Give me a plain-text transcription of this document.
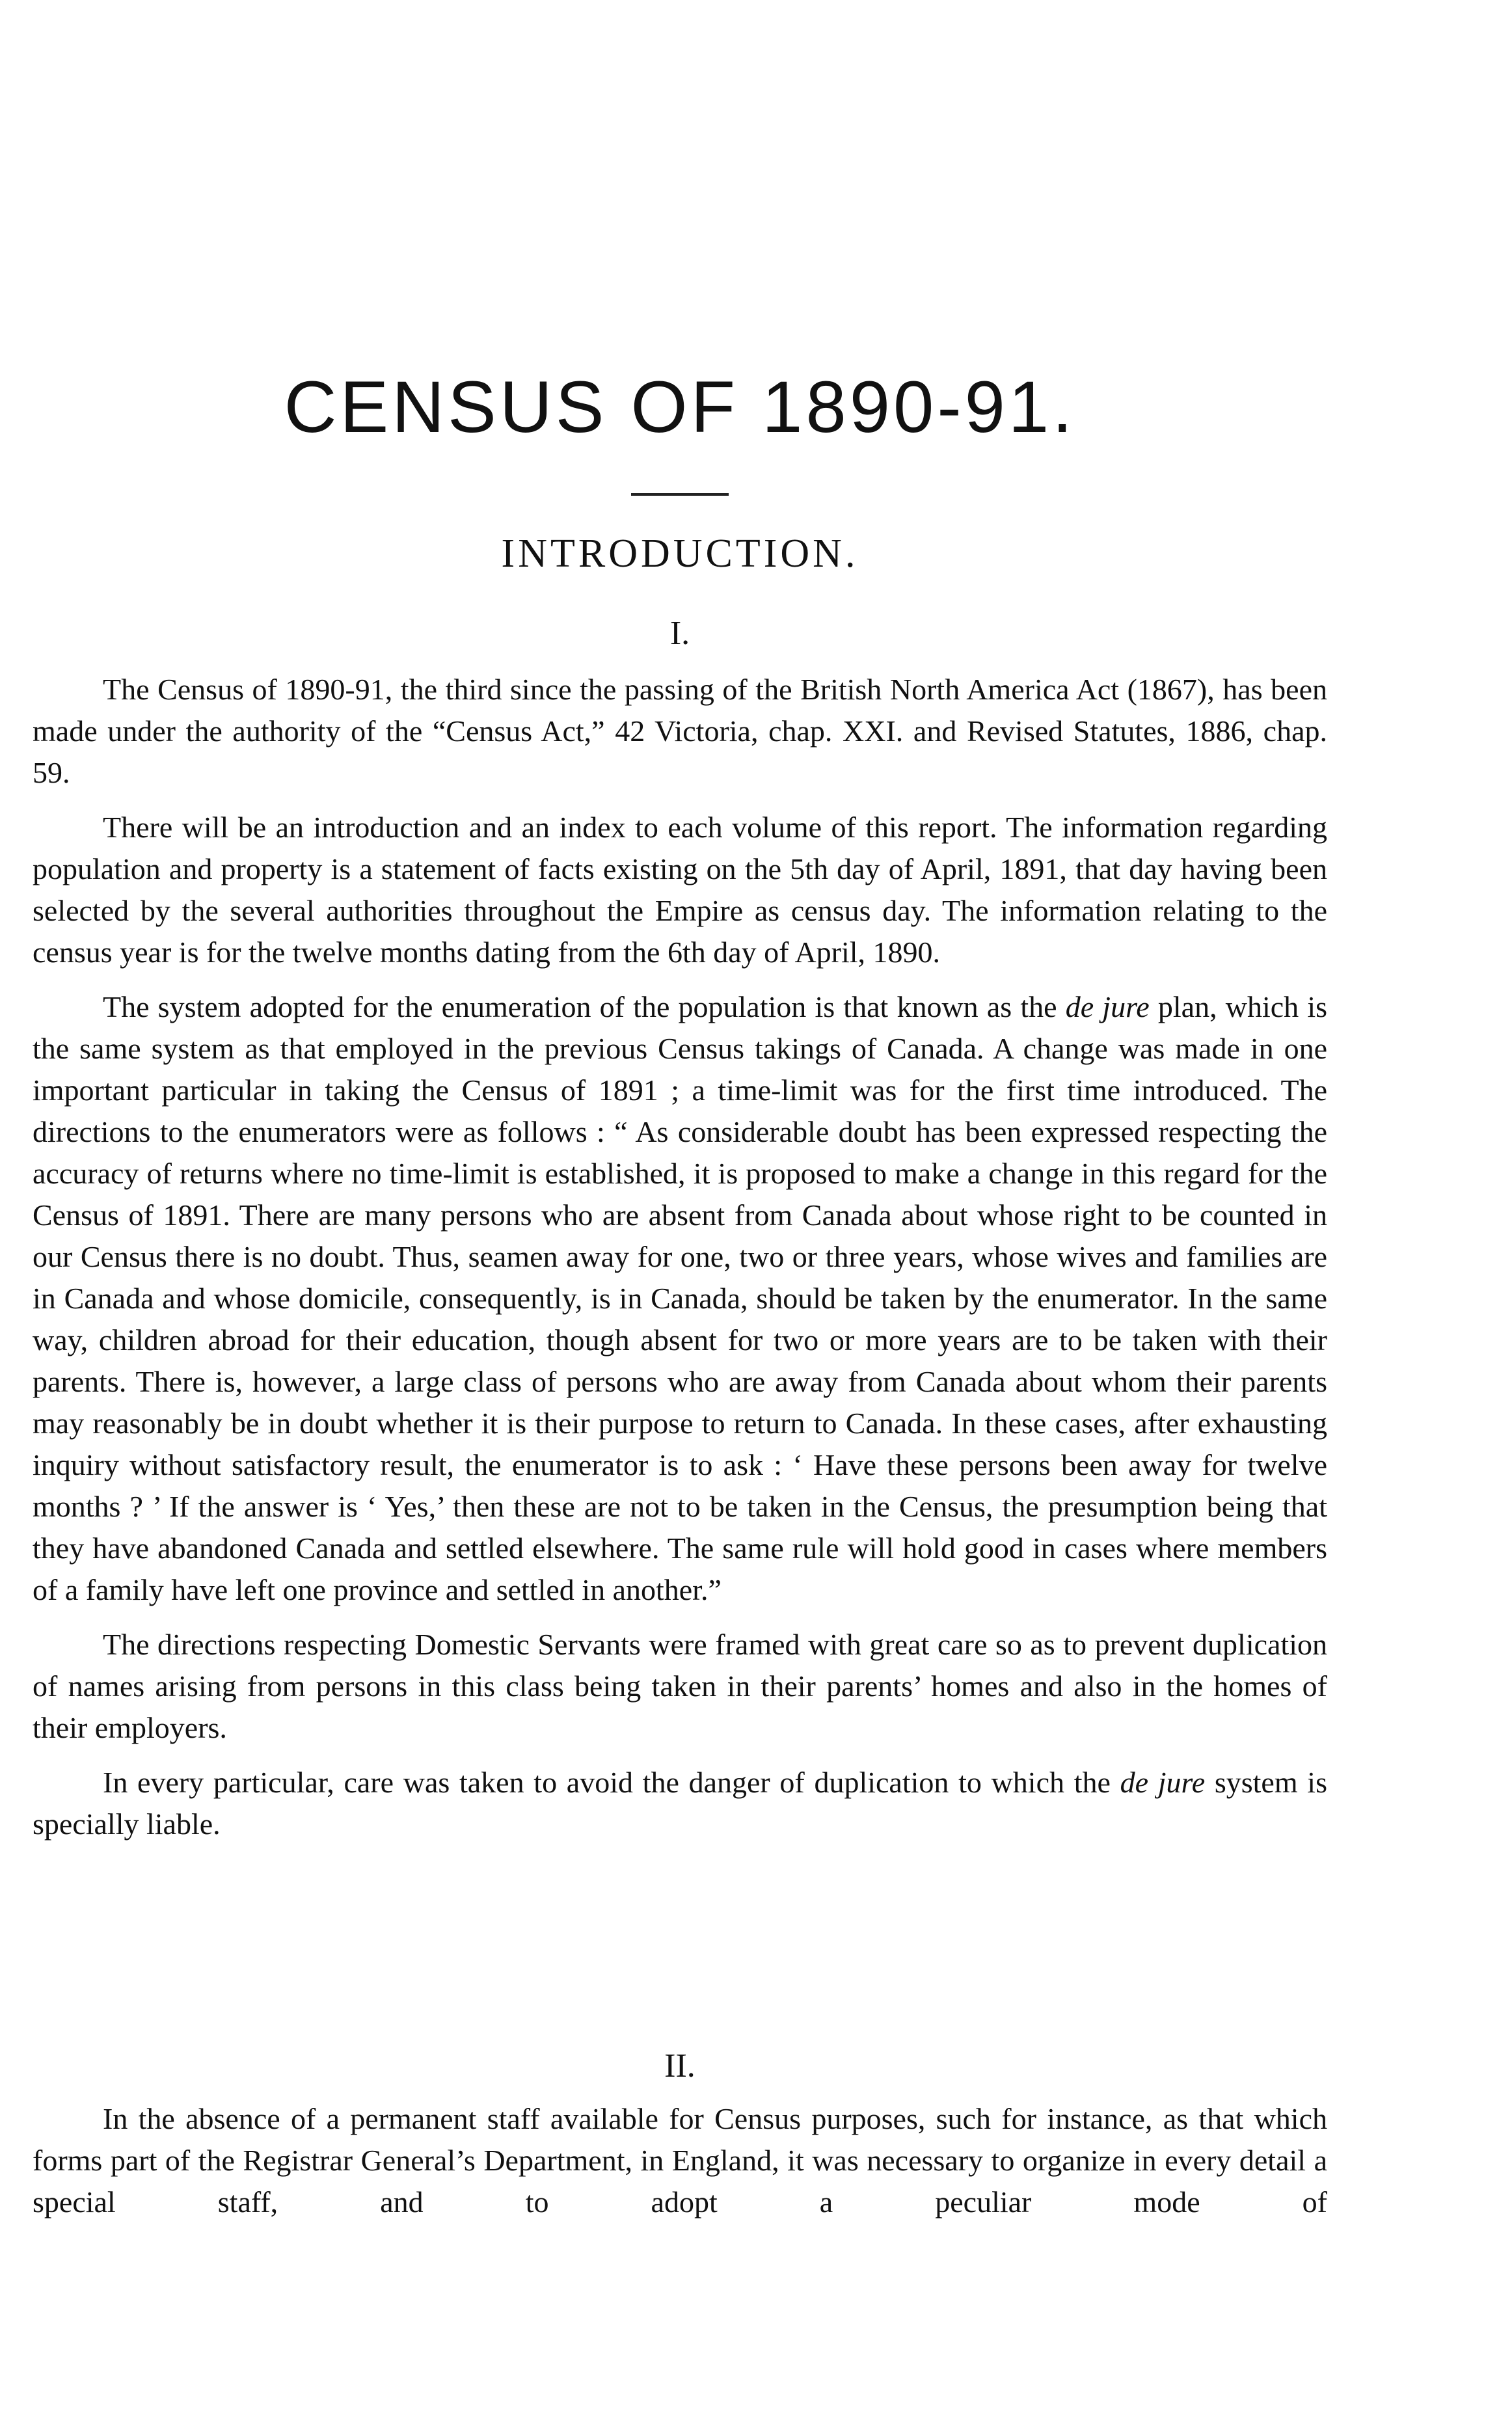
CENSUS OF 1890-91.
INTRODUCTION.
I.

The Census of 1890-91, the third since the passing of the British North America Act (1867), has been made under the authority of the “Census Act,” 42 Victoria, chap. XXI. and Revised Statutes, 1886, chap. 59.

There will be an introduction and an index to each volume of this report. The information regarding population and property is a statement of facts existing on the 5th day of April, 1891, that day having been selected by the several authorities throughout the Empire as census day. The information relating to the census year is for the twelve months dating from the 6th day of April, 1890.

The system adopted for the enumeration of the population is that known as the de jure plan, which is the same system as that employed in the previous Census takings of Canada. A change was made in one important particular in taking the Census of 1891 ; a time-limit was for the first time introduced. The directions to the enumerators were as follows : “ As considerable doubt has been expressed respecting the accuracy of returns where no time-limit is established, it is proposed to make a change in this regard for the Census of 1891. There are many persons who are absent from Canada about whose right to be counted in our Census there is no doubt. Thus, seamen away for one, two or three years, whose wives and families are in Canada and whose domicile, consequently, is in Canada, should be taken by the enumerator. In the same way, children abroad for their education, though absent for two or more years are to be taken with their parents. There is, however, a large class of persons who are away from Canada about whom their parents may reasonably be in doubt whether it is their purpose to return to Canada. In these cases, after exhausting inquiry without satisfactory result, the enumerator is to ask : ‘ Have these persons been away for twelve months ? ’ If the answer is ‘ Yes,’ then these are not to be taken in the Census, the presumption being that they have abandoned Canada and settled elsewhere. The same rule will hold good in cases where members of a family have left one province and settled in another.”

The directions respecting Domestic Servants were framed with great care so as to prevent duplication of names arising from persons in this class being taken in their parents’ homes and also in the homes of their employers.

In every particular, care was taken to avoid the danger of duplication to which the de jure system is specially liable.

II.

In the absence of a permanent staff available for Census purposes, such for instance, as that which forms part of the Registrar General’s Department, in England, it was necessary to organize in every detail a special staff, and to adopt a peculiar mode of
